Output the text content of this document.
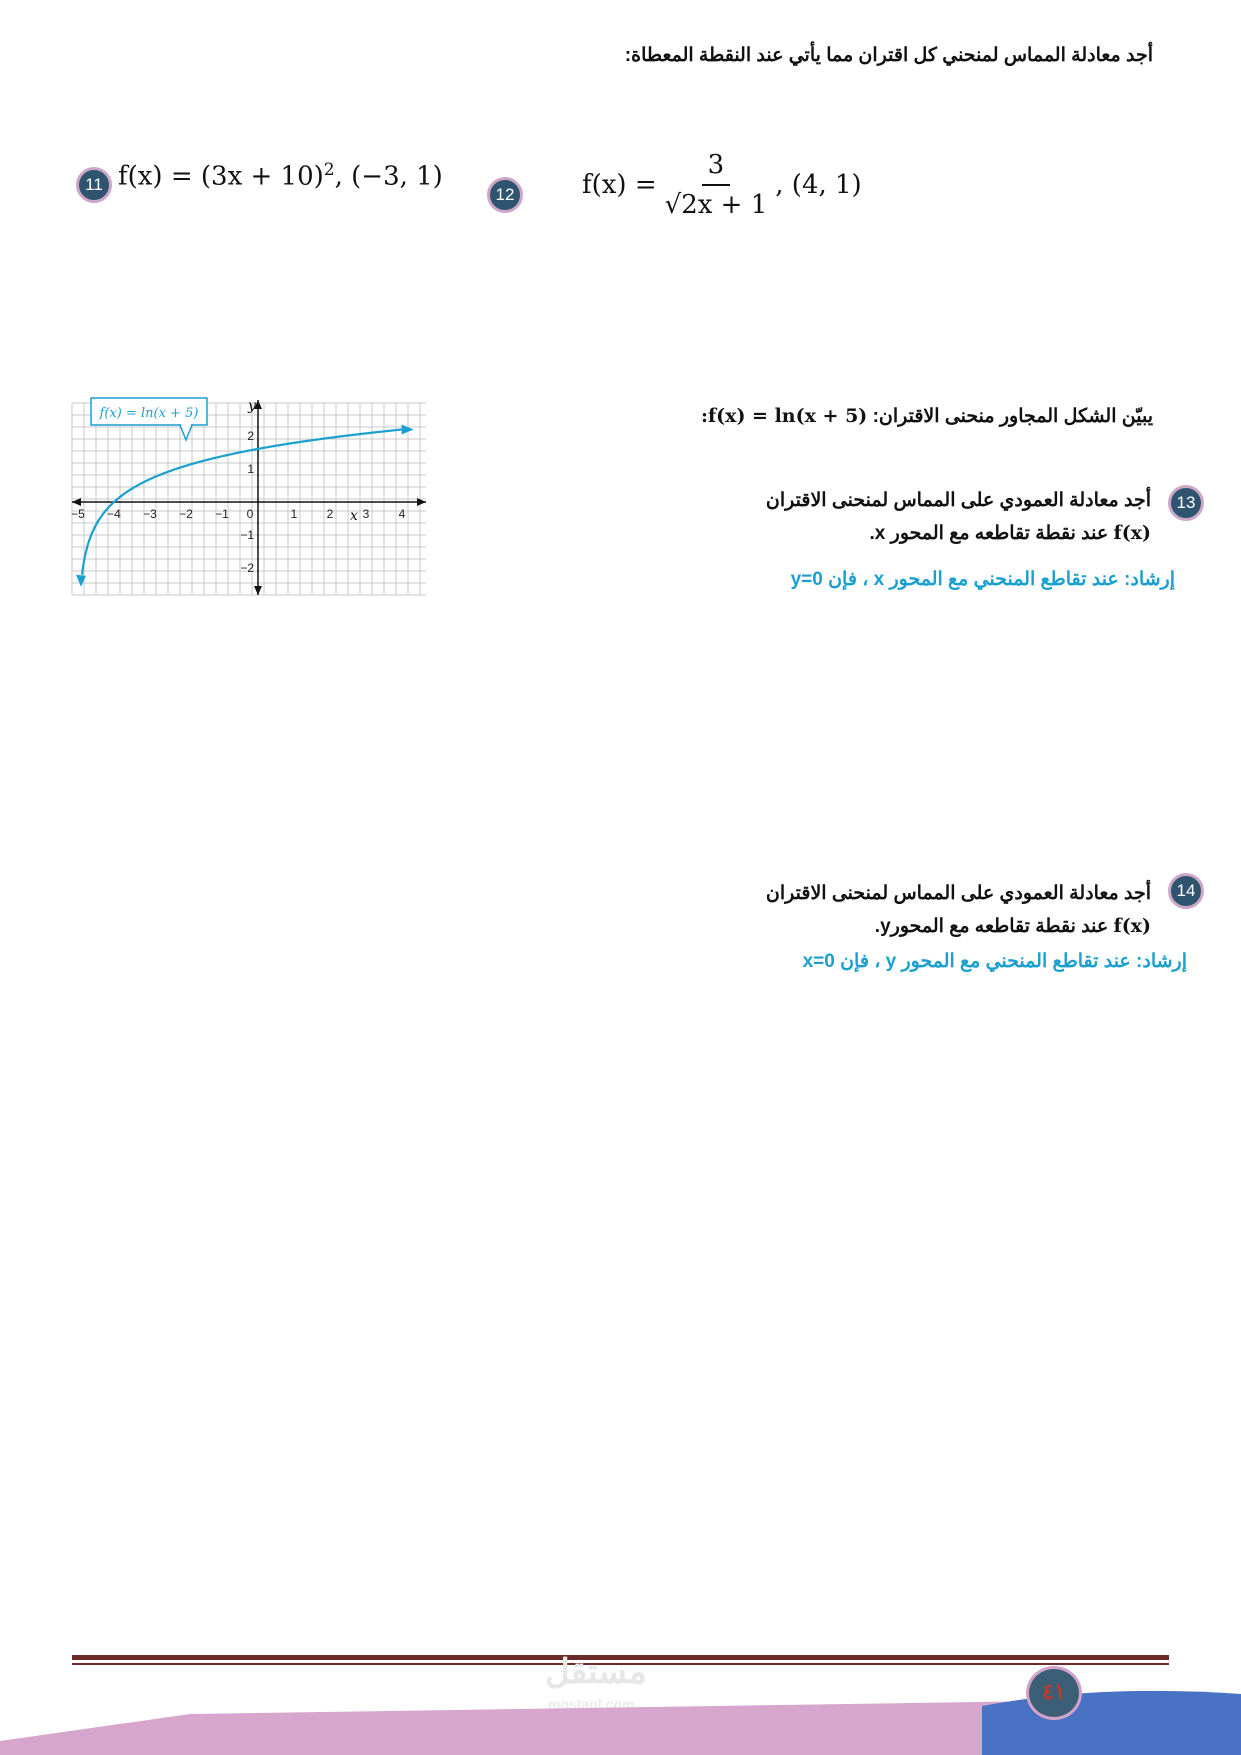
أجد معادلة المماس لمنحني كل اقتران مما يأتي عند النقطة المعطاة:
11 $f(x) = (3x + 10)^2$, (−3, 1)
12	$f(x) = \frac{3}{√2x + 1}$ , (4, 1)
:f(x) = ln(x + 5) يبيّن الشكل المجاور منحنى الاقتران:
−5 −4 −3 −2 −1 0	1 2 3 4
2
1
−1
−2
x
y
f(x) = ln(x + 5)
13
أجد معادلة العمودي على المماس لمنحنى الاقتران
f(x) عند نقطة تقاطعه مع المحور x.
إرشاد: عند تقاطع المنحني مع المحور x ، فإن y=0
14
أجد معادلة العمودي على المماس لمنحنى الاقتران
f(x) عند نقطة تقاطعه مع المحورy.
إرشاد: عند تقاطع المنحني مع المحور y ، فإن x=0
مستقل
mostaql.com	٤١
